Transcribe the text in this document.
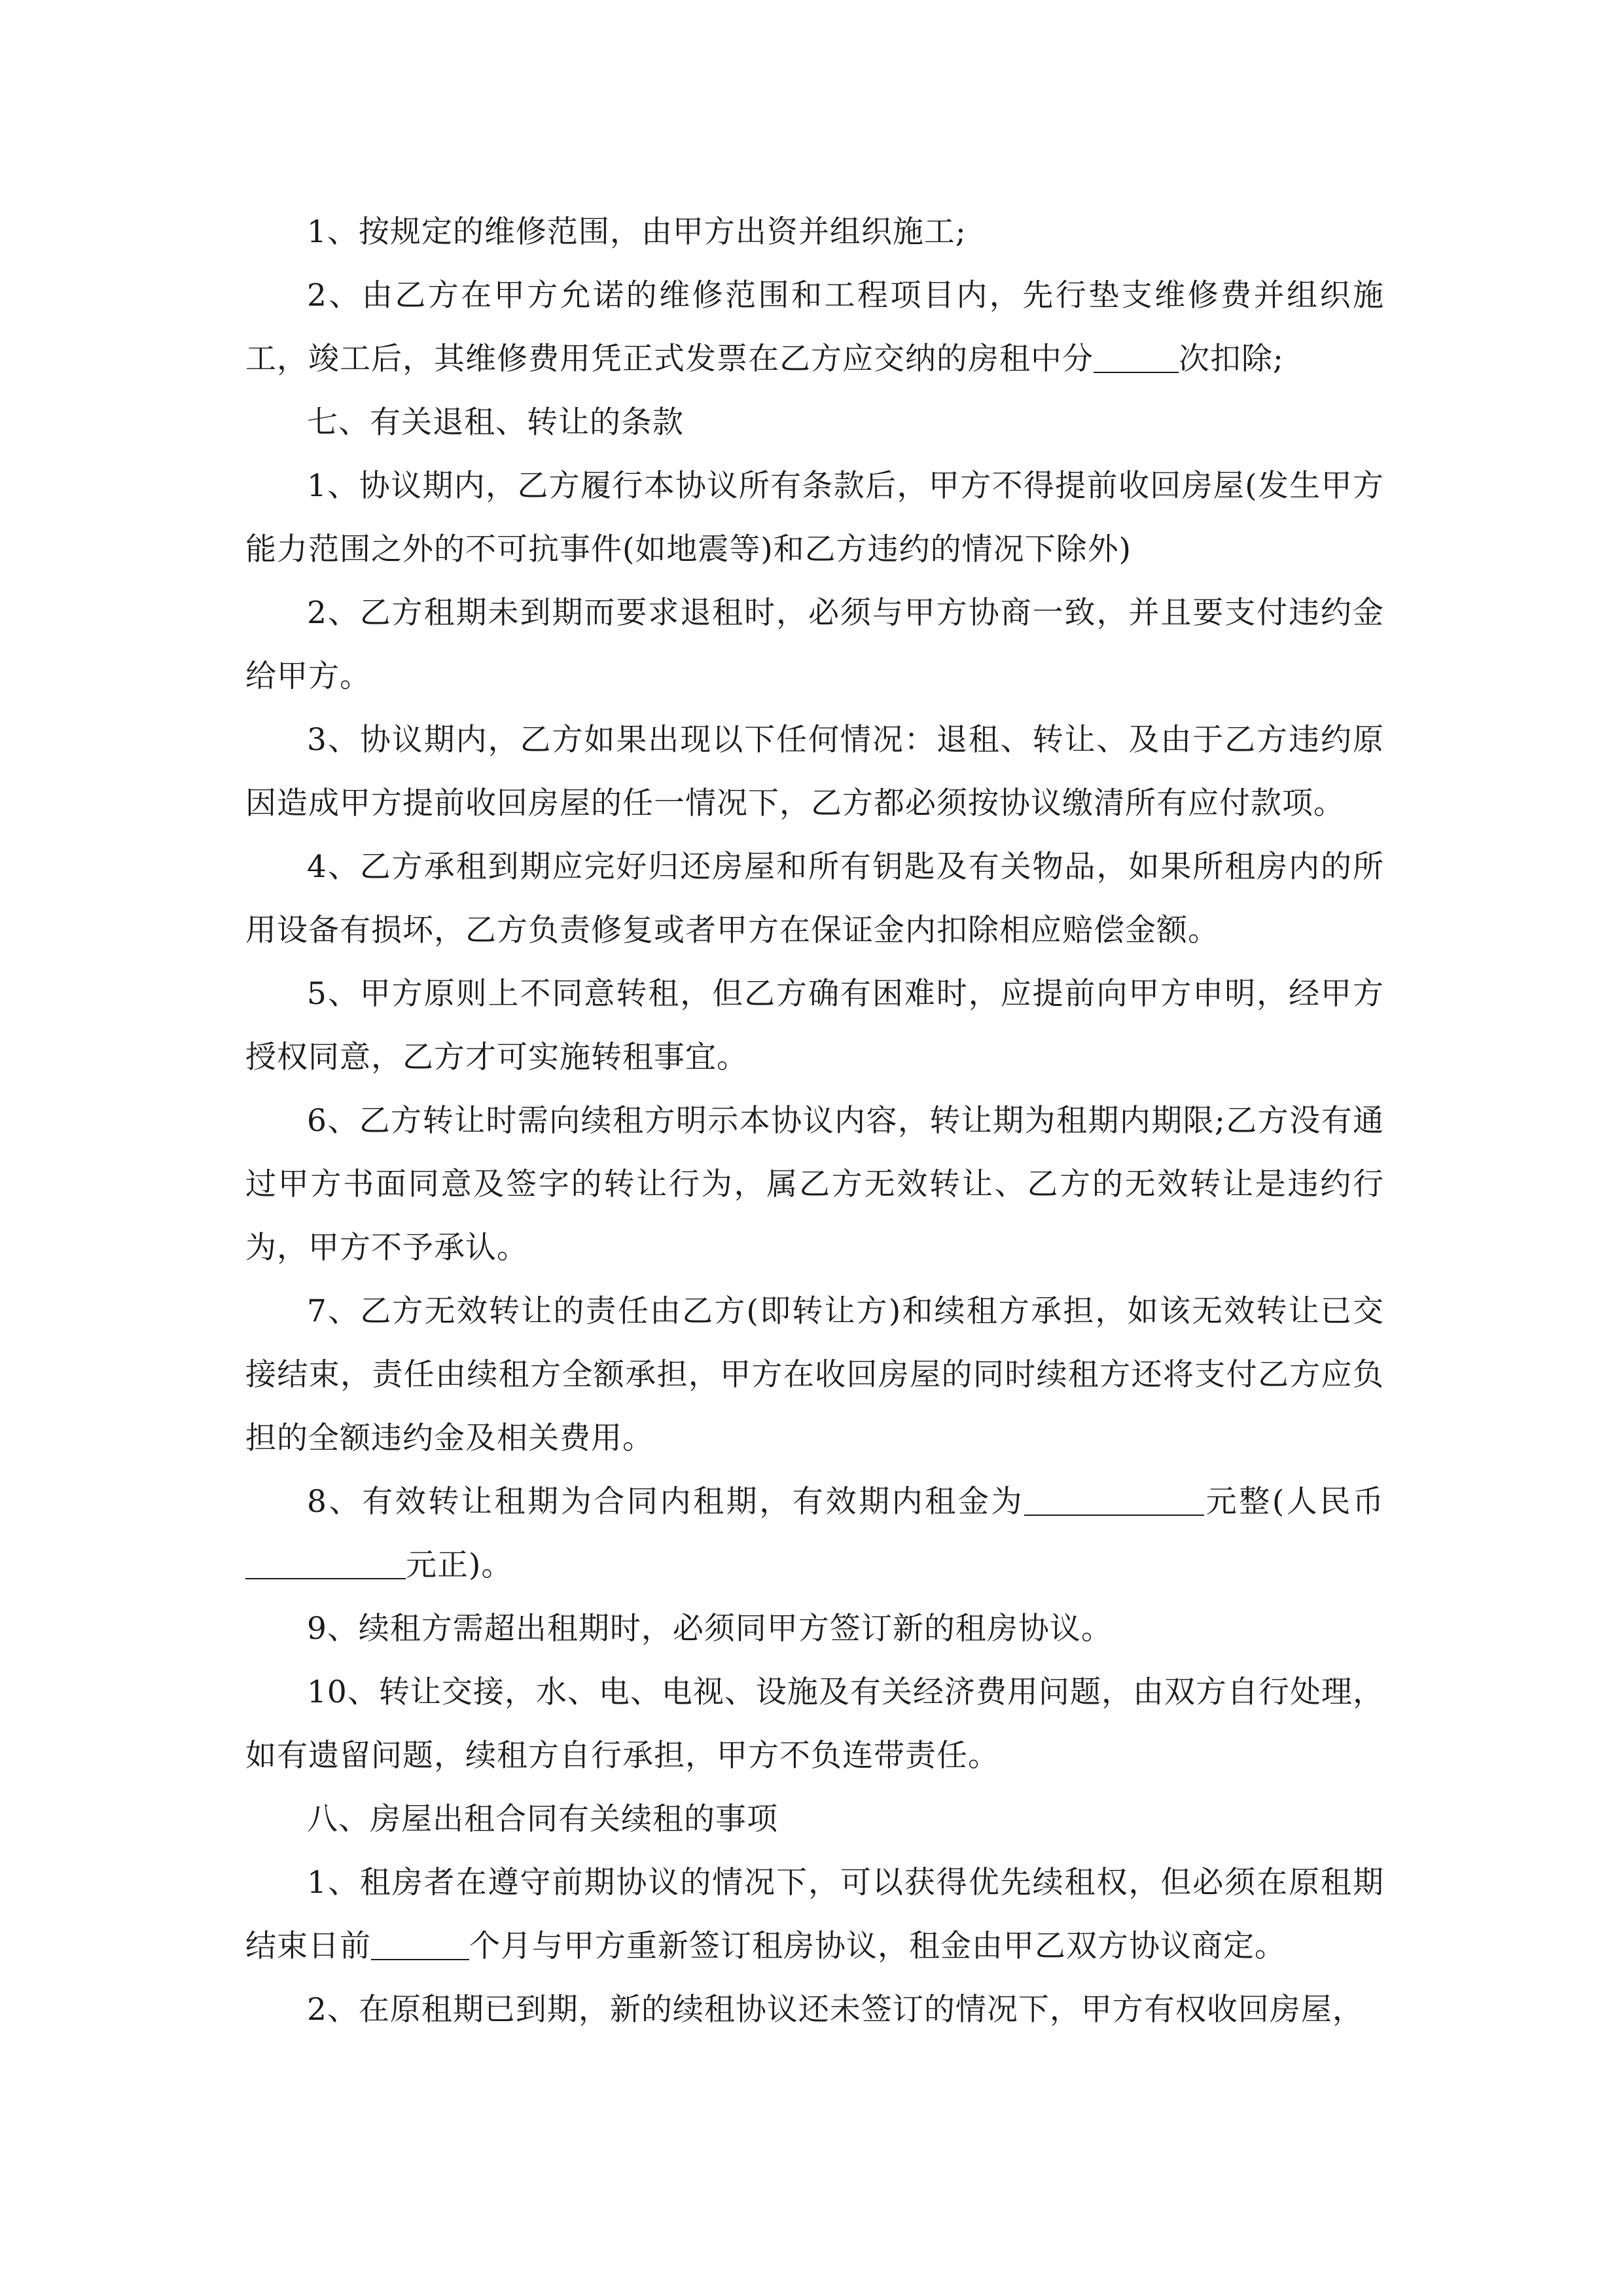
1、按规定的维修范围，由甲方出资并组织施工;

2、由乙方在甲方允诺的维修范围和工程项目内，先行垫支维修费并组织施工，竣工后，其维修费用凭正式发票在乙方应交纳的房租中分	次扣除;

七、有关退租、转让的条款

1、协议期内，乙方履行本协议所有条款后，甲方不得提前收回房屋(发生甲方能力范围之外的不可抗事件(如地震等)和乙方违约的情况下除外)

2、乙方租期未到期而要求退租时，必须与甲方协商一致，并且要支付违约金给甲方。

3、协议期内，乙方如果出现以下任何情况：退租、转让、及由于乙方违约原因造成甲方提前收回房屋的任一情况下，乙方都必须按协议缴清所有应付款项。

4、乙方承租到期应完好归还房屋和所有钥匙及有关物品，如果所租房内的所用设备有损坏，乙方负责修复或者甲方在保证金内扣除相应赔偿金额。

5、甲方原则上不同意转租，但乙方确有困难时，应提前向甲方申明，经甲方授权同意，乙方才可实施转租事宜。

6、乙方转让时需向续租方明示本协议内容，转让期为租期内期限;乙方没有通过甲方书面同意及签字的转让行为，属乙方无效转让、乙方的无效转让是违约行为，甲方不予承认。

7、乙方无效转让的责任由乙方(即转让方)和续租方承担，如该无效转让已交接结束，责任由续租方全额承担，甲方在收回房屋的同时续租方还将支付乙方应负担的全额违约金及相关费用。

8、有效转让租期为合同内租期，有效期内租金为	元整(人民币元正)。

9、续租方需超出租期时，必须同甲方签订新的租房协议。

10、转让交接，水、电、电视、设施及有关经济费用问题，由双方自行处理，如有遗留问题，续租方自行承担，甲方不负连带责任。

八、房屋出租合同有关续租的事项

1、租房者在遵守前期协议的情况下，可以获得优先续租权，但必须在原租期结束日前	个月与甲方重新签订租房协议，租金由甲乙双方协议商定。

2、在原租期已到期，新的续租协议还未签订的情况下，甲方有权收回房屋，
